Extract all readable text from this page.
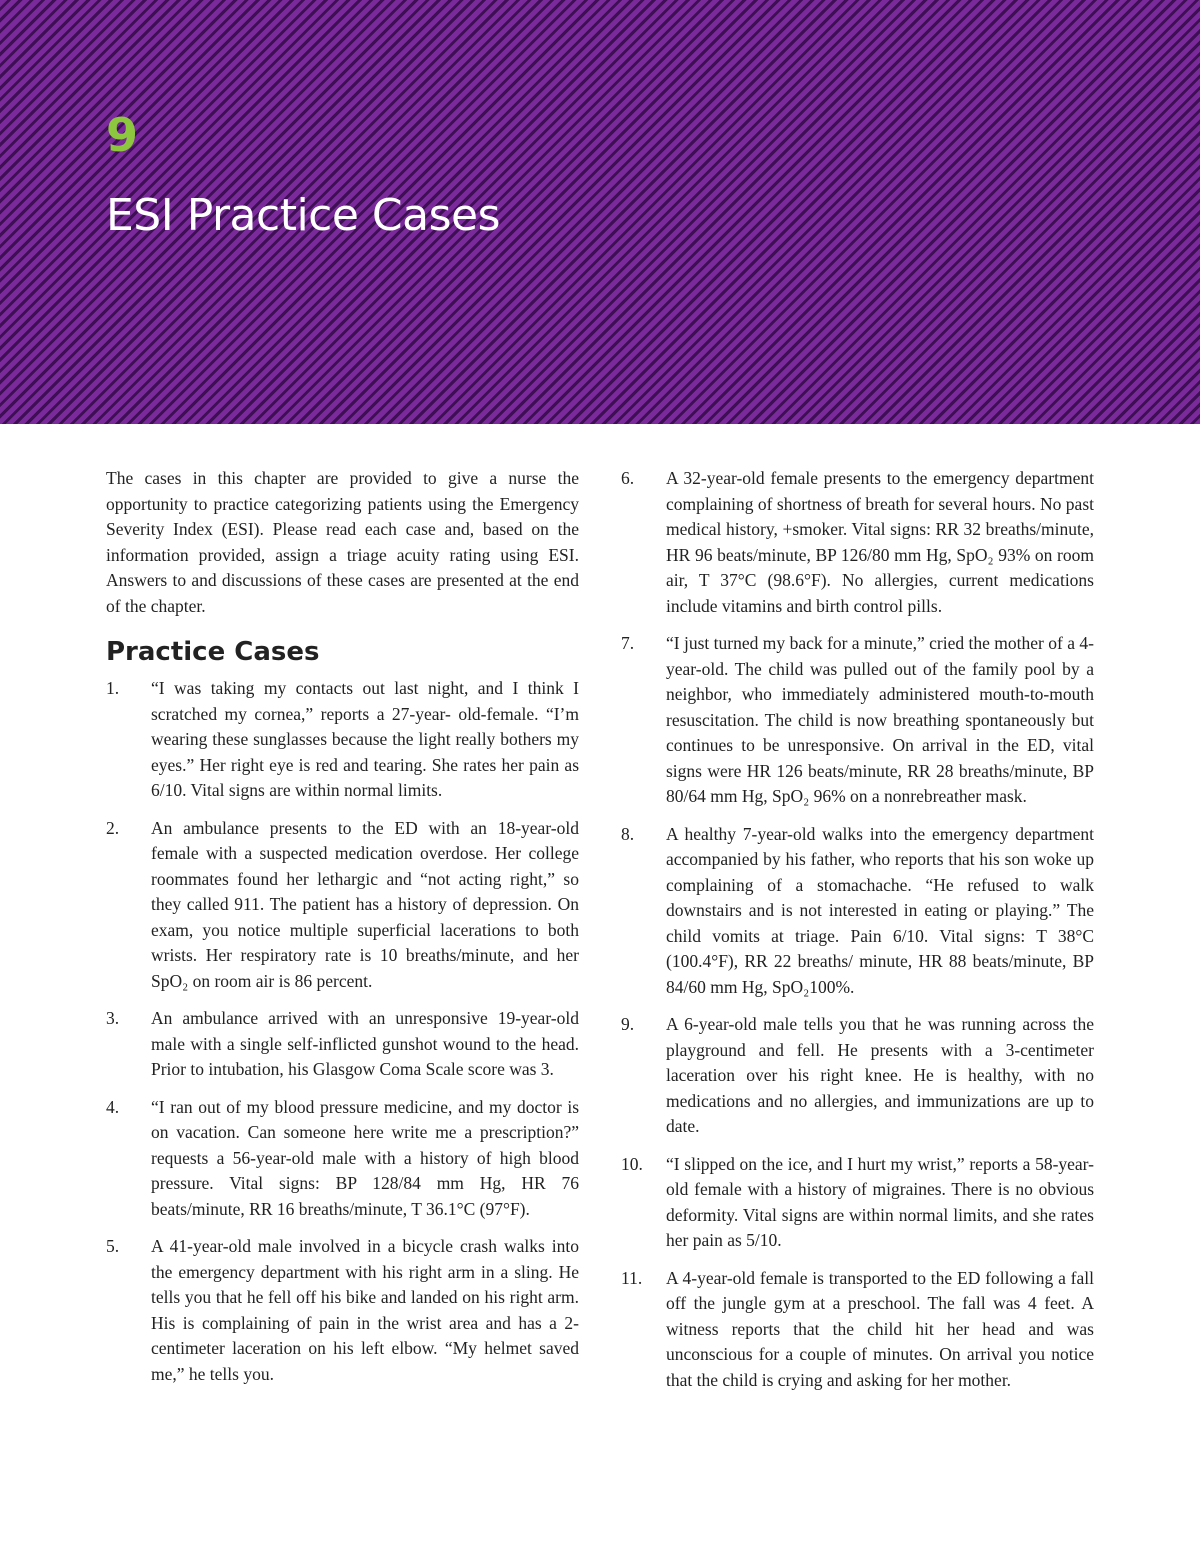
9
ESI Practice Cases

The cases in this chapter are provided to give a nurse the opportunity to practice categorizing patients using the Emergency Severity Index (ESI). Please read each case and, based on the information provided, assign a triage acuity rating using ESI. Answers to and discussions of these cases are presented at the end of the chapter.

Practice Cases
1.	“I was taking my contacts out last night, and I think I scratched my cornea,” reports a 27-year- old-female. “I’m wearing these sunglasses because the light really bothers my eyes.” Her right eye is red and tearing. She rates her pain as 6/10. Vital signs are within normal limits.
2.	An ambulance presents to the ED with an 18-year-old female with a suspected medication overdose. Her college roommates found her lethargic and “not acting right,” so they called 911. The patient has a history of depression. On exam, you notice multiple superficial lacerations to both wrists. Her respiratory rate is 10 breaths/minute, and her SpO₂ on room air is 86 percent.
3.	An ambulance arrived with an unresponsive 19-year-old male with a single self-inflicted gunshot wound to the head. Prior to intubation, his Glasgow Coma Scale score was 3.
4.	“I ran out of my blood pressure medicine, and my doctor is on vacation. Can someone here write me a prescription?” requests a 56-year-old male with a history of high blood pressure. Vital signs: BP 128/84 mm Hg, HR 76 beats/minute, RR 16 breaths/minute, T 36.1°C (97°F).
5.	A 41-year-old male involved in a bicycle crash walks into the emergency department with his right arm in a sling. He tells you that he fell off his bike and landed on his right arm. His is complaining of pain in the wrist area and has a 2-centimeter laceration on his left elbow. “My helmet saved me,” he tells you.
6.	A 32-year-old female presents to the emergency department complaining of shortness of breath for several hours. No past medical history, +smoker. Vital signs: RR 32 breaths/minute, HR 96 beats/minute, BP 126/80 mm Hg, SpO₂ 93% on room air, T 37°C (98.6°F). No allergies, current medications include vitamins and birth control pills.
7.	“I just turned my back for a minute,” cried the mother of a 4-year-old. The child was pulled out of the family pool by a neighbor, who immediately administered mouth-to-mouth resuscitation. The child is now breathing spontaneously but continues to be unresponsive. On arrival in the ED, vital signs were HR 126 beats/minute, RR 28 breaths/minute, BP 80/64 mm Hg, SpO₂ 96% on a nonrebreather mask.
8.	A healthy 7-year-old walks into the emergency department accompanied by his father, who reports that his son woke up complaining of a stomachache. “He refused to walk downstairs and is not interested in eating or playing.” The child vomits at triage. Pain 6/10. Vital signs: T 38°C (100.4°F), RR 22 breaths/ minute, HR 88 beats/minute, BP 84/60 mm Hg, SpO₂100%.
9.	A 6-year-old male tells you that he was running across the playground and fell. He presents with a 3-centimeter laceration over his right knee. He is healthy, with no medications and no allergies, and immunizations are up to date.
10.	“I slipped on the ice, and I hurt my wrist,” reports a 58-year-old female with a history of migraines. There is no obvious deformity. Vital signs are within normal limits, and she rates her pain as 5/10.
11.	A 4-year-old female is transported to the ED following a fall off the jungle gym at a preschool. The fall was 4 feet. A witness reports that the child hit her head and was unconscious for a couple of minutes. On arrival you notice that the child is crying and asking for her mother.
